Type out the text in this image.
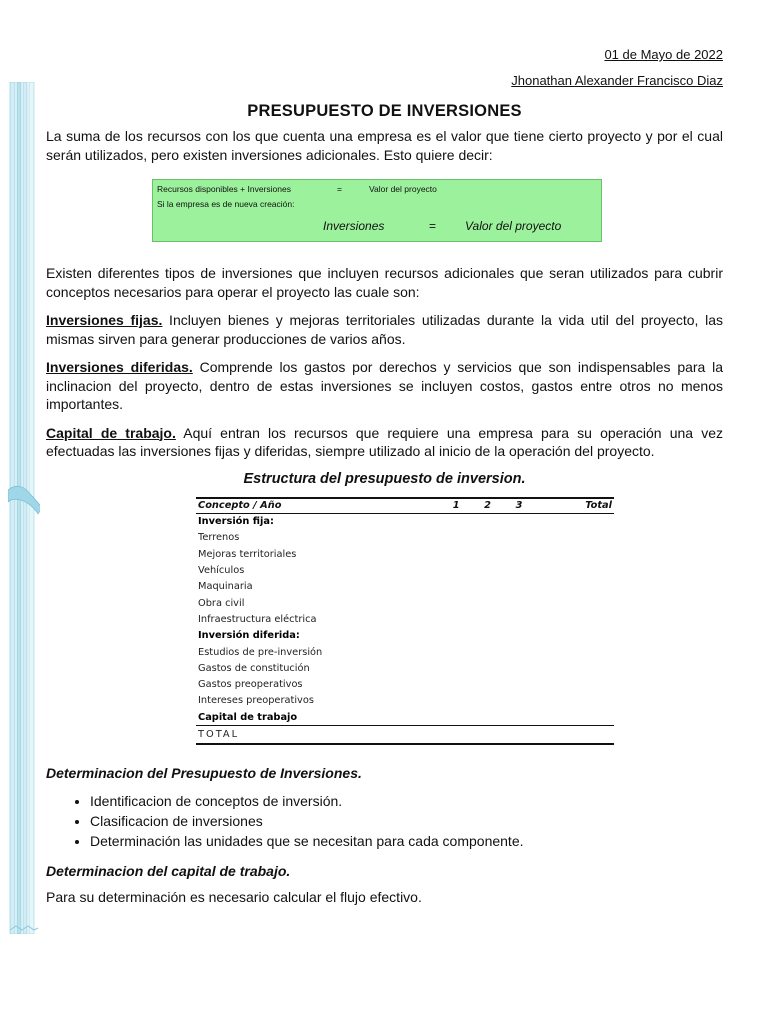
01 de Mayo de 2022
Jhonathan Alexander Francisco Diaz
PRESUPUESTO DE INVERSIONES

La suma de los recursos con los que cuenta una empresa es el valor que tiene cierto proyecto y por el cual serán utilizados, pero existen inversiones adicionales. Esto quiere decir:

Recursos disponibles + Inversiones	=	Valor del proyecto
Si la empresa es de nueva creación:
Inversiones	= Valor del proyecto

Existen diferentes tipos de inversiones que incluyen recursos adicionales que seran utilizados para cubrir conceptos necesarios para operar el proyecto las cuale son:

Inversiones fijas. Incluyen bienes y mejoras territoriales utilizadas durante la vida util del proyecto, las mismas sirven para generar producciones de varios años.

Inversiones diferidas. Comprende los gastos por derechos y servicios que son indispensables para la inclinacion del proyecto, dentro de estas inversiones se incluyen costos, gastos entre otros no menos importantes.

Capital de trabajo. Aquí entran los recursos que requiere una empresa para su operación una vez efectuadas las inversiones fijas y diferidas, siempre utilizado al inicio de la operación del proyecto.

Estructura del presupuesto de inversion.
Concepto / Año	1	2	3	Total
Inversión fija:				
Terrenos				
Mejoras territoriales				
Vehículos				
Maquinaria				
Obra civil				
Infraestructura eléctrica				
Inversión diferida:				
Estudios de pre-inversión				
Gastos de constitución				
Gastos preoperativos				
Intereses preoperativos				
Capital de trabajo				
TOTAL				
Determinacion del Presupuesto de Inversiones.
• Identificacion de conceptos de inversión.
• Clasificacion de inversiones
• Determinación las unidades que se necesitan para cada componente.
Determinacion del capital de trabajo.

Para su determinación es necesario calcular el flujo efectivo.
